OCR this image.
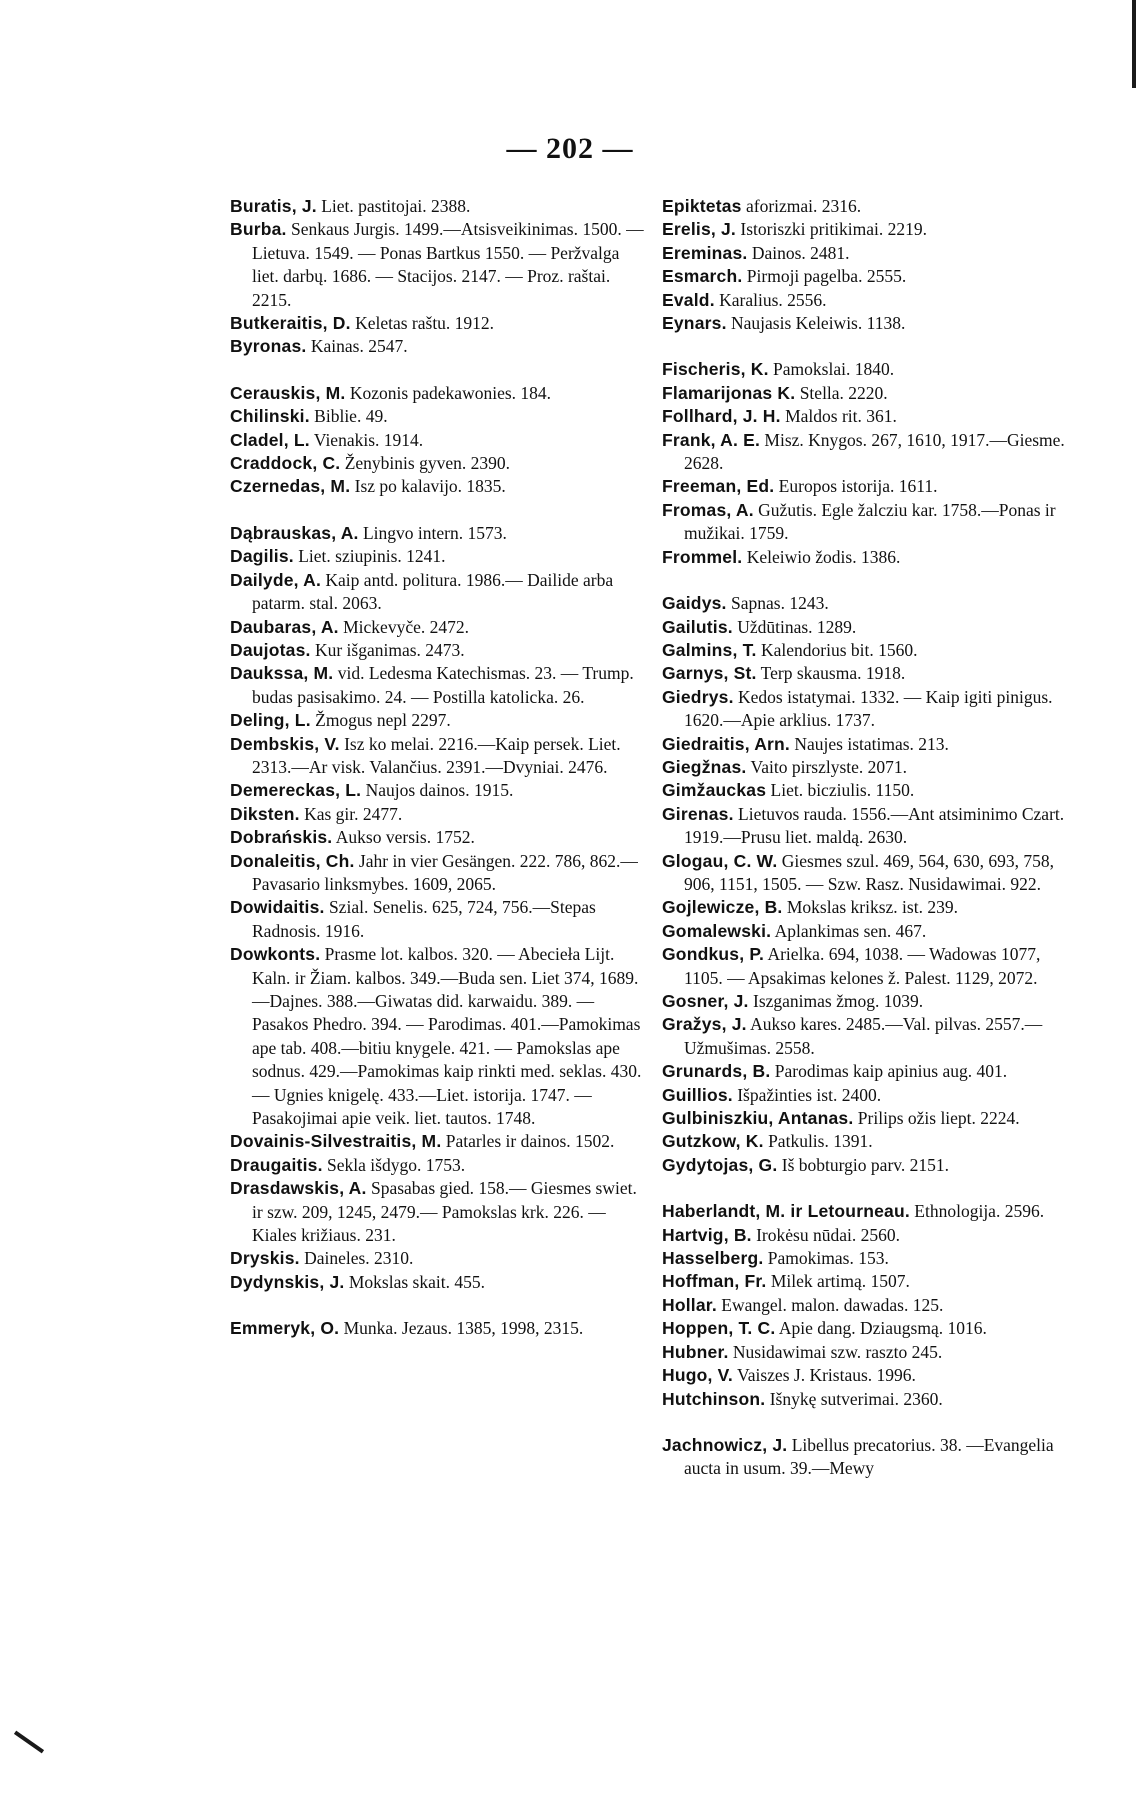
— 202 —

Buratis, J. Liet. pastitojai. 2388.

Burba. Senkaus Jurgis. 1499.—Atsisveikinimas. 1500. — Lietuva. 1549. — Ponas Bartkus 1550. — Peržvalga liet. darbų. 1686. — Stacijos. 2147. — Proz. raštai. 2215.

Butkeraitis, D. Keletas raštu. 1912.

Byronas. Kainas. 2547.

Cerauskis, M. Kozonis padekawonies. 184.

Chilinski. Biblie. 49.

Cladel, L. Vienakis. 1914.

Craddock, C. Ženybinis gyven. 2390.

Czernedas, M. Isz po kalavijo. 1835.

Dąbrauskas, A. Lingvo intern. 1573.

Dagilis. Liet. sziupinis. 1241.

Dailyde, A. Kaip antd. politura. 1986.— Dailide arba patarm. stal. 2063.

Daubaras, A. Mickevyče. 2472.

Daujotas. Kur išganimas. 2473.

Daukssa, M. vid. Ledesma Katechismas. 23. — Trump. budas pasisakimo. 24. — Postilla katolicka. 26.

Deling, L. Žmogus nepl 2297.

Dembskis, V. Isz ko melai. 2216.—Kaip persek. Liet. 2313.—Ar visk. Valančius. 2391.—Dvyniai. 2476.

Demereckas, L. Naujos dainos. 1915.

Diksten. Kas gir. 2477.

Dobrańskis. Aukso versis. 1752.

Donaleitis, Ch. Jahr in vier Gesängen. 222. 786, 862.—Pavasario linksmybes. 1609, 2065.

Dowidaitis. Szial. Senelis. 625, 724, 756.—Stepas Radnosis. 1916.

Dowkonts. Prasme lot. kalbos. 320. — Abecieła Lijt. Kaln. ir Žiam. kalbos. 349.—Buda sen. Liet 374, 1689.—Dajnes. 388.—Giwatas did. karwaidu. 389. — Pasakos Phedro. 394. — Parodimas. 401.—Pamokimas ape tab. 408.—bitiu knygele. 421. — Pamokslas ape sodnus. 429.—Pamokimas kaip rinkti med. seklas. 430. — Ugnies knigelę. 433.—Liet. istorija. 1747. — Pasakojimai apie veik. liet. tautos. 1748.

Dovainis-Silvestraitis, M. Patarles ir dainos. 1502.

Draugaitis. Sekla išdygo. 1753.

Drasdawskis, A. Spasabas gied. 158.— Giesmes swiet. ir szw. 209, 1245, 2479.— Pamokslas krk. 226. — Kiales križiaus. 231.

Dryskis. Daineles. 2310.

Dydynskis, J. Mokslas skait. 455.

Emmeryk, O. Munka. Jezaus. 1385, 1998, 2315.

Epiktetas aforizmai. 2316.

Erelis, J. Istoriszki pritikimai. 2219.

Ereminas. Dainos. 2481.

Esmarch. Pirmoji pagelba. 2555.

Evald. Karalius. 2556.

Eynars. Naujasis Keleiwis. 1138.

Fischeris, K. Pamokslai. 1840.

Flamarijonas K. Stella. 2220.

Follhard, J. H. Maldos rit. 361.

Frank, A. E. Misz. Knygos. 267, 1610, 1917.—Giesme. 2628.

Freeman, Ed. Europos istorija. 1611.

Fromas, A. Gužutis. Egle žalcziu kar. 1758.—Ponas ir mužikai. 1759.

Frommel. Keleiwio žodis. 1386.

Gaidys. Sapnas. 1243.

Gailutis. Uždūtinas. 1289.

Galmins, T. Kalendorius bit. 1560.

Garnys, St. Terp skausma. 1918.

Giedrys. Kedos istatymai. 1332. — Kaip igiti pinigus. 1620.—Apie arklius. 1737.

Giedraitis, Arn. Naujes istatimas. 213.

Giegžnas. Vaito pirszlyste. 2071.

Gimžauckas Liet. bicziulis. 1150.

Girenas. Lietuvos rauda. 1556.—Ant atsiminimo Czart. 1919.—Prusu liet. maldą. 2630.

Glogau, C. W. Giesmes szul. 469, 564, 630, 693, 758, 906, 1151, 1505. — Szw. Rasz. Nusidawimai. 922.

Gojlewicze, B. Mokslas kriksz. ist. 239.

Gomalewski. Aplankimas sen. 467.

Gondkus, P. Arielka. 694, 1038. — Wadowas 1077, 1105. — Apsakimas kelones ž. Palest. 1129, 2072.

Gosner, J. Iszganimas žmog. 1039.

Gražys, J. Aukso kares. 2485.—Val. pilvas. 2557.—Užmušimas. 2558.

Grunards, B. Parodimas kaip apinius aug. 401.

Guillios. Išpažinties ist. 2400.

Gulbiniszkiu, Antanas. Prilips ožis liept. 2224.

Gutzkow, K. Patkulis. 1391.

Gydytojas, G. Iš bobturgio parv. 2151.

Haberlandt, M. ir Letourneau. Ethnologija. 2596.

Hartvig, B. Irokėsu nūdai. 2560.

Hasselberg. Pamokimas. 153.

Hoffman, Fr. Milek artimą. 1507.

Hollar. Ewangel. malon. dawadas. 125.

Hoppen, T. C. Apie dang. Dziaugsmą. 1016.

Hubner. Nusidawimai szw. raszto 245.

Hugo, V. Vaiszes J. Kristaus. 1996.

Hutchinson. Išnykę sutverimai. 2360.

Jachnowicz, J. Libellus precatorius. 38. —Evangelia aucta in usum. 39.—Mewy
